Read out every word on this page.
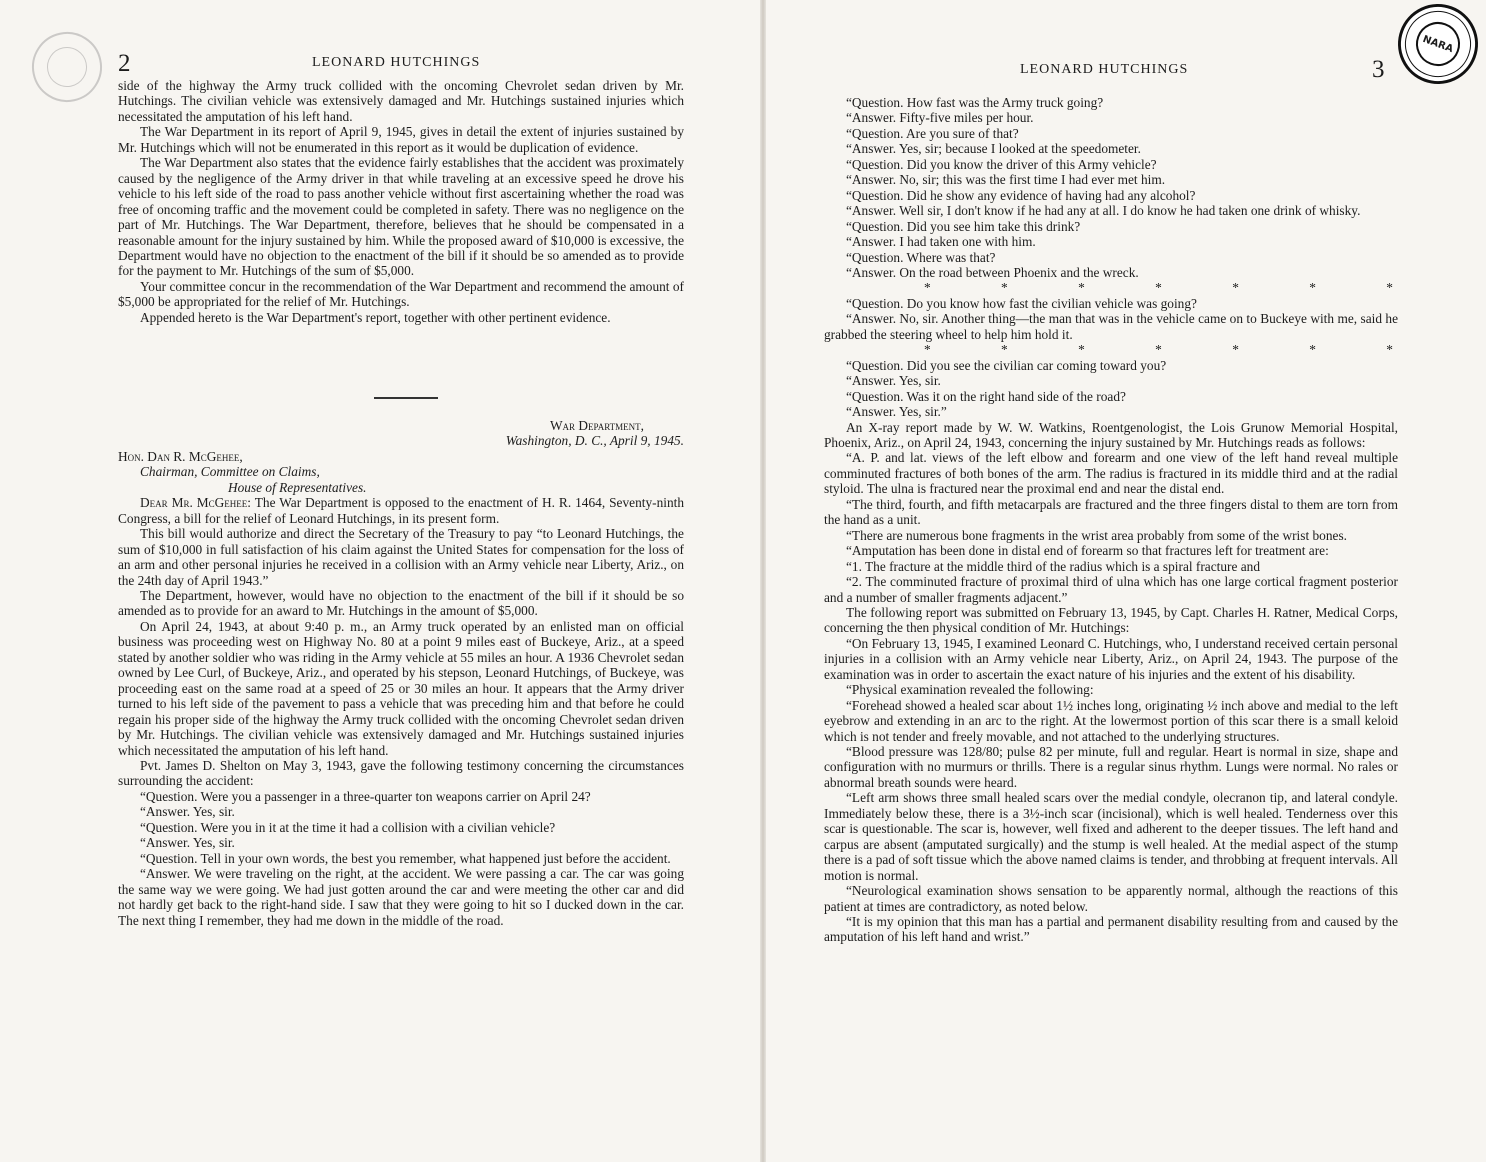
2	LEONARD HUTCHINGS

side of the highway the Army truck collided with the oncoming Chevrolet sedan driven by Mr. Hutchings. The civilian vehicle was extensively damaged and Mr. Hutchings sustained injuries which necessitated the amputation of his left hand.

The War Department in its report of April 9, 1945, gives in detail the extent of injuries sustained by Mr. Hutchings which will not be enumerated in this report as it would be duplication of evidence.

The War Department also states that the evidence fairly establishes that the accident was proximately caused by the negligence of the Army driver in that while traveling at an excessive speed he drove his vehicle to his left side of the road to pass another vehicle without first ascertaining whether the road was free of oncoming traffic and the movement could be completed in safety. There was no negligence on the part of Mr. Hutchings. The War Department, therefore, believes that he should be compensated in a reasonable amount for the injury sustained by him. While the proposed award of $10,000 is excessive, the Department would have no objection to the enactment of the bill if it should be so amended as to provide for the payment to Mr. Hutchings of the sum of $5,000.

Your committee concur in the recommendation of the War Department and recommend the amount of $5,000 be appropriated for the relief of Mr. Hutchings.

Appended hereto is the War Department's report, together with other pertinent evidence.

War Department,

Washington, D. C., April 9, 1945.

Hon. Dan R. McGehee,

Chairman, Committee on Claims,

House of Representatives.

Dear Mr. McGehee: The War Department is opposed to the enactment of H. R. 1464, Seventy-ninth Congress, a bill for the relief of Leonard Hutchings, in its present form.

This bill would authorize and direct the Secretary of the Treasury to pay “to Leonard Hutchings, the sum of $10,000 in full satisfaction of his claim against the United States for compensation for the loss of an arm and other personal injuries he received in a collision with an Army vehicle near Liberty, Ariz., on the 24th day of April 1943.”

The Department, however, would have no objection to the enactment of the bill if it should be so amended as to provide for an award to Mr. Hutchings in the amount of $5,000.

On April 24, 1943, at about 9:40 p. m., an Army truck operated by an enlisted man on official business was proceeding west on Highway No. 80 at a point 9 miles east of Buckeye, Ariz., at a speed stated by another soldier who was riding in the Army vehicle at 55 miles an hour. A 1936 Chevrolet sedan owned by Lee Curl, of Buckeye, Ariz., and operated by his stepson, Leonard Hutchings, of Buckeye, was proceeding east on the same road at a speed of 25 or 30 miles an hour. It appears that the Army driver turned to his left side of the pavement to pass a vehicle that was preceding him and that before he could regain his proper side of the highway the Army truck collided with the oncoming Chevrolet sedan driven by Mr. Hutchings. The civilian vehicle was extensively damaged and Mr. Hutchings sustained injuries which necessitated the amputation of his left hand.

Pvt. James D. Shelton on May 3, 1943, gave the following testimony concerning the circumstances surrounding the accident:

“Question. Were you a passenger in a three-quarter ton weapons carrier on April 24?

“Answer. Yes, sir.

“Question. Were you in it at the time it had a collision with a civilian vehicle?

“Answer. Yes, sir.

“Question. Tell in your own words, the best you remember, what happened just before the accident.

“Answer. We were traveling on the right, at the accident. We were passing a car. The car was going the same way we were going. We had just gotten around the car and were meeting the other car and did not hardly get back to the right-hand side. I saw that they were going to hit so I ducked down in the car. The next thing I remember, they had me down in the middle of the road.

NARA
LEONARD HUTCHINGS	3

“Question. How fast was the Army truck going?

“Answer. Fifty-five miles per hour.

“Question. Are you sure of that?

“Answer. Yes, sir; because I looked at the speedometer.

“Question. Did you know the driver of this Army vehicle?

“Answer. No, sir; this was the first time I had ever met him.

“Question. Did he show any evidence of having had any alcohol?

“Answer. Well sir, I don't know if he had any at all. I do know he had taken one drink of whisky.

“Question. Did you see him take this drink?

“Answer. I had taken one with him.

“Question. Where was that?

“Answer. On the road between Phoenix and the wreck.

*	*	*	*	*	*	*

“Question. Do you know how fast the civilian vehicle was going?

“Answer. No, sir. Another thing—the man that was in the vehicle came on to Buckeye with me, said he grabbed the steering wheel to help him hold it.

*	*	*	*	*	*	*

“Question. Did you see the civilian car coming toward you?

“Answer. Yes, sir.

“Question. Was it on the right hand side of the road?

“Answer. Yes, sir.”

An X-ray report made by W. W. Watkins, Roentgenologist, the Lois Grunow Memorial Hospital, Phoenix, Ariz., on April 24, 1943, concerning the injury sustained by Mr. Hutchings reads as follows:

“A. P. and lat. views of the left elbow and forearm and one view of the left hand reveal multiple comminuted fractures of both bones of the arm. The radius is fractured in its middle third and at the radial styloid. The ulna is fractured near the proximal end and near the distal end.

“The third, fourth, and fifth metacarpals are fractured and the three fingers distal to them are torn from the hand as a unit.

“There are numerous bone fragments in the wrist area probably from some of the wrist bones.

“Amputation has been done in distal end of forearm so that fractures left for treatment are:

“1. The fracture at the middle third of the radius which is a spiral fracture and

“2. The comminuted fracture of proximal third of ulna which has one large cortical fragment posterior and a number of smaller fragments adjacent.”

The following report was submitted on February 13, 1945, by Capt. Charles H. Ratner, Medical Corps, concerning the then physical condition of Mr. Hutchings:

“On February 13, 1945, I examined Leonard C. Hutchings, who, I understand received certain personal injuries in a collision with an Army vehicle near Liberty, Ariz., on April 24, 1943. The purpose of the examination was in order to ascertain the exact nature of his injuries and the extent of his disability.

“Physical examination revealed the following:

“Forehead showed a healed scar about 1½ inches long, originating ½ inch above and medial to the left eyebrow and extending in an arc to the right. At the lowermost portion of this scar there is a small keloid which is not tender and freely movable, and not attached to the underlying structures.

“Blood pressure was 128/80; pulse 82 per minute, full and regular. Heart is normal in size, shape and configuration with no murmurs or thrills. There is a regular sinus rhythm. Lungs were normal. No rales or abnormal breath sounds were heard.

“Left arm shows three small healed scars over the medial condyle, olecranon tip, and lateral condyle. Immediately below these, there is a 3½-inch scar (incisional), which is well healed. Tenderness over this scar is questionable. The scar is, however, well fixed and adherent to the deeper tissues. The left hand and carpus are absent (amputated surgically) and the stump is well healed. At the medial aspect of the stump there is a pad of soft tissue which the above named claims is tender, and throbbing at frequent intervals. All motion is normal.

“Neurological examination shows sensation to be apparently normal, although the reactions of this patient at times are contradictory, as noted below.

“It is my opinion that this man has a partial and permanent disability resulting from and caused by the amputation of his left hand and wrist.”
